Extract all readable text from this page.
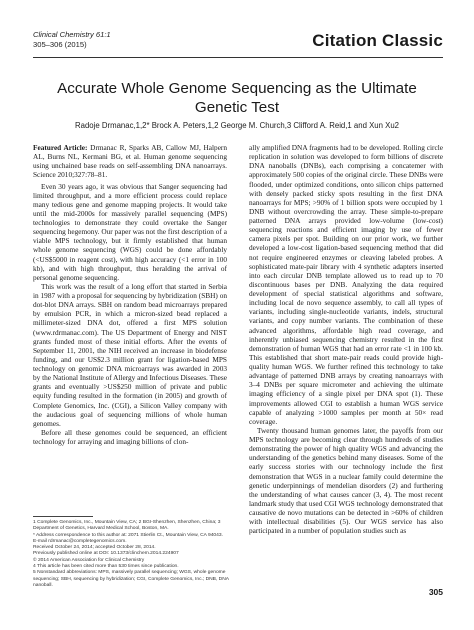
Clinical Chemistry 61:1
305–306 (2015)	Citation Classic
Accurate Whole Genome Sequencing as the Ultimate Genetic Test
Radoje Drmanac,1,2* Brock A. Peters,1,2 George M. Church,3 Clifford A. Reid,1 and Xun Xu2

Featured Article: Drmanac R, Sparks AB, Callow MJ, Halpern AL, Burns NL, Kermani BG, et al. Human genome sequencing using unchained base reads on self-assembling DNA nanoarrays. Science 2010;327:78–81.

Even 30 years ago, it was obvious that Sanger sequencing had limited throughput, and a more efficient process could replace many tedious gene and genome mapping projects. It would take until the mid-2000s for massively parallel sequencing (MPS) technologies to demonstrate they could overtake the Sanger sequencing hegemony. Our paper was not the first description of a viable MPS technology, but it firmly established that human whole genome sequencing (WGS) could be done affordably (<US$5000 in reagent cost), with high accuracy (<1 error in 100 kb), and with high throughput, thus heralding the arrival of personal genome sequencing.

This work was the result of a long effort that started in Serbia in 1987 with a proposal for sequencing by hybridization (SBH) on dot-blot DNA arrays. SBH on random bead microarrays prepared by emulsion PCR, in which a micron-sized bead replaced a millimeter-sized DNA dot, offered a first MPS solution (www.rdrmanac.com). The US Department of Energy and NIST grants funded most of these initial efforts. After the events of September 11, 2001, the NIH received an increase in biodefense funding, and our US$2.3 million grant for ligation-based MPS technology on genomic DNA microarrays was awarded in 2003 by the National Institute of Allergy and Infectious Diseases. These grants and eventually >US$250 million of private and public equity funding resulted in the formation (in 2005) and growth of Complete Genomics, Inc. (CGI), a Silicon Valley company with the audacious goal of sequencing millions of whole human genomes.

Before all these genomes could be sequenced, an efficient technology for arraying and imaging billions of clon-

ally amplified DNA fragments had to be developed. Rolling circle replication in solution was developed to form billions of discrete DNA nanoballs (DNBs), each comprising a concatemer with approximately 500 copies of the original circle. These DNBs were flooded, under optimized conditions, onto silicon chips patterned with densely packed sticky spots resulting in the first DNA nanoarrays for MPS; >90% of 1 billion spots were occupied by 1 DNB without overcrowding the array. These simple-to-prepare patterned DNA arrays provided low-volume (low-cost) sequencing reactions and efficient imaging by use of fewer camera pixels per spot. Building on our prior work, we further developed a low-cost ligation-based sequencing method that did not require engineered enzymes or cleaving labeled probes. A sophisticated mate-pair library with 4 synthetic adapters inserted into each circular DNB template allowed us to read up to 70 discontinuous bases per DNB. Analyzing the data required development of special statistical algorithms and software, including local de novo sequence assembly, to call all types of variants, including single-nucleotide variants, indels, structural variants, and copy number variants. The combination of these advanced algorithms, affordable high read coverage, and inherently unbiased sequencing chemistry resulted in the first demonstration of human WGS that had an error rate <1 in 100 kb. This established that short mate-pair reads could provide high-quality human WGS. We further refined this technology to take advantage of patterned DNB arrays by creating nanoarrays with 3–4 DNBs per square micrometer and achieving the ultimate imaging efficiency of a single pixel per DNA spot (1). These improvements allowed CGI to establish a human WGS service capable of analyzing >1000 samples per month at 50× read coverage.

Twenty thousand human genomes later, the payoffs from our MPS technology are becoming clear through hundreds of studies demonstrating the power of high quality WGS and advancing the understanding of the genetics behind many diseases. Some of the early success stories with our technology include the first demonstration that WGS in a nuclear family could determine the genetic underpinnings of mendelian disorders (2) and furthering the understanding of what causes cancer (3, 4). The most recent landmark study that used CGI WGS technology demonstrated that causative de novo mutations can be detected in >60% of children with intellectual disabilities (5). Our WGS service has also participated in a number of population studies such as

1 Complete Genomics, Inc., Mountain View, CA; 2 BGI-Shenzhen, Shenzhen, China; 3 Department of Genetics, Harvard Medical School, Boston, MA.
* Address correspondence to this author at: 2071 Stierlin Ct., Mountain View, CA 94043. E-mail rdrmanac@completegenomics.com.
Received October 24, 2014; accepted October 28, 2014.
Previously published online at DOI: 10.1373/clinchem.2014.224907
© 2014 American Association for Clinical Chemistry
4 This article has been cited more than 530 times since publication.
5 Nonstandard abbreviations: MPS, massively parallel sequencing; WGS, whole genome sequencing; SBH, sequencing by hybridization; CGI, Complete Genomics, Inc.; DNB, DNA nanoball.
305
